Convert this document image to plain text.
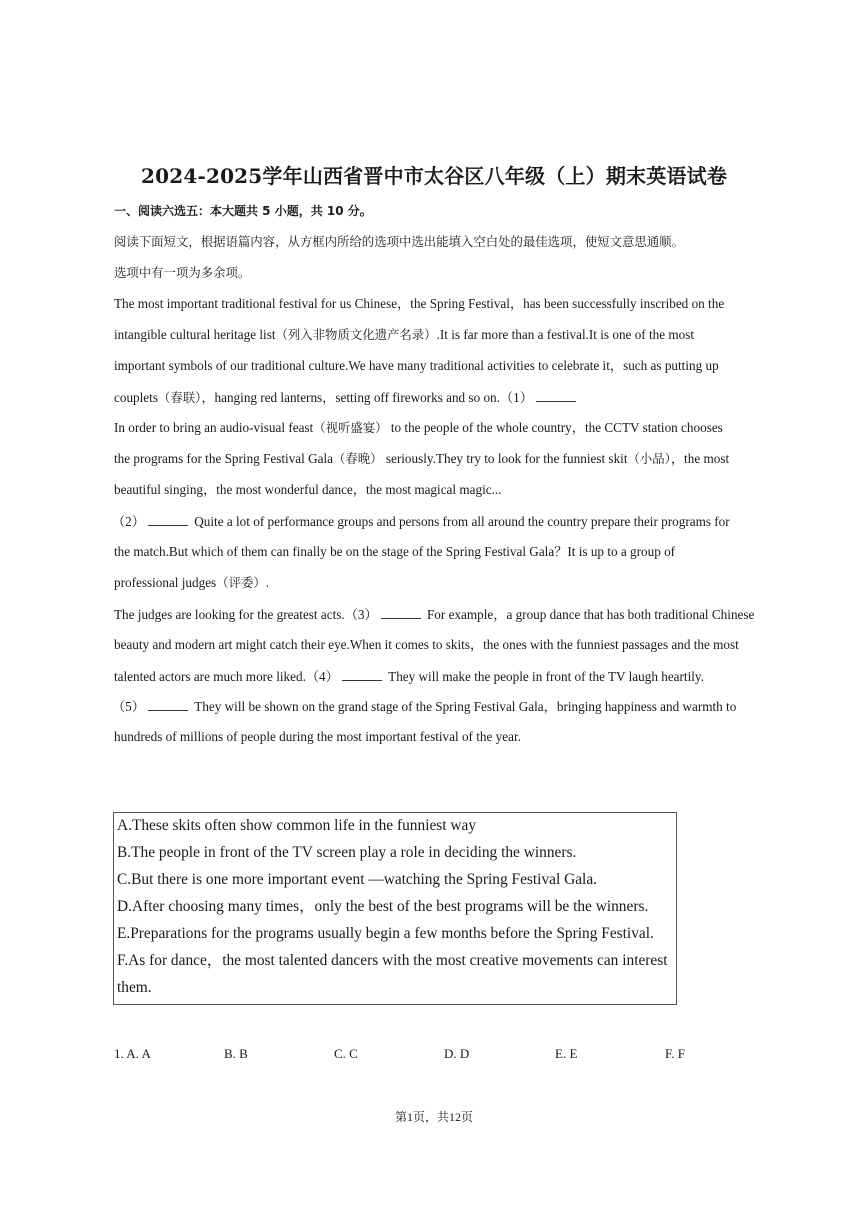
2024-2025学年山西省晋中市太谷区八年级（上）期末英语试卷
一、阅读六选五：本大题共 5 小题，共 10 分。
阅读下面短文，根据语篇内容，从方框内所给的选项中选出能填入空白处的最佳选项，使短文意思通顺。
选项中有一项为多余项。
The most important traditional festival for us Chinese，the Spring Festival，has been successfully inscribed on the
intangible cultural heritage list（列入非物质文化遗产名录）.It is far more than a festival.It is one of the most
important symbols of our traditional culture.We have many traditional activities to celebrate it，such as putting up
couplets（春联），hanging red lanterns，setting off fireworks and so on.（1）
In order to bring an audio-visual feast（视听盛宴） to the people of the whole country，the CCTV station chooses
the programs for the Spring Festival Gala（春晚） seriously.They try to look for the funniest skit（小品），the most
beautiful singing，the most wonderful dance，the most magical magic...
（2）	Quite a lot of performance groups and persons from all around the country prepare their programs for
the match.But which of them can finally be on the stage of the Spring Festival Gala？It is up to a group of
professional judges（评委）.
The judges are looking for the greatest acts.（3）	For example，a group dance that has both traditional Chinese
beauty and modern art might catch their eye.When it comes to skits，the ones with the funniest passages and the most
talented actors are much more liked.（4）	They will make the people in front of the TV laugh heartily.
（5）	They will be shown on the grand stage of the Spring Festival Gala，bringing happiness and warmth to
hundreds of millions of people during the most important festival of the year.
A.These skits often show common life in the funniest way
B.The people in front of the TV screen play a role in deciding the winners.
C.But there is one more important event —watching the Spring Festival Gala.
D.After choosing many times，only the best of the best programs will be the winners.
E.Preparations for the programs usually begin a few months before the Spring Festival.
F.As for dance，the most talented dancers with the most creative movements can interest
them.
1. A. A	B. B	C. C	D. D	E. E	F. F
第1页，共12页
